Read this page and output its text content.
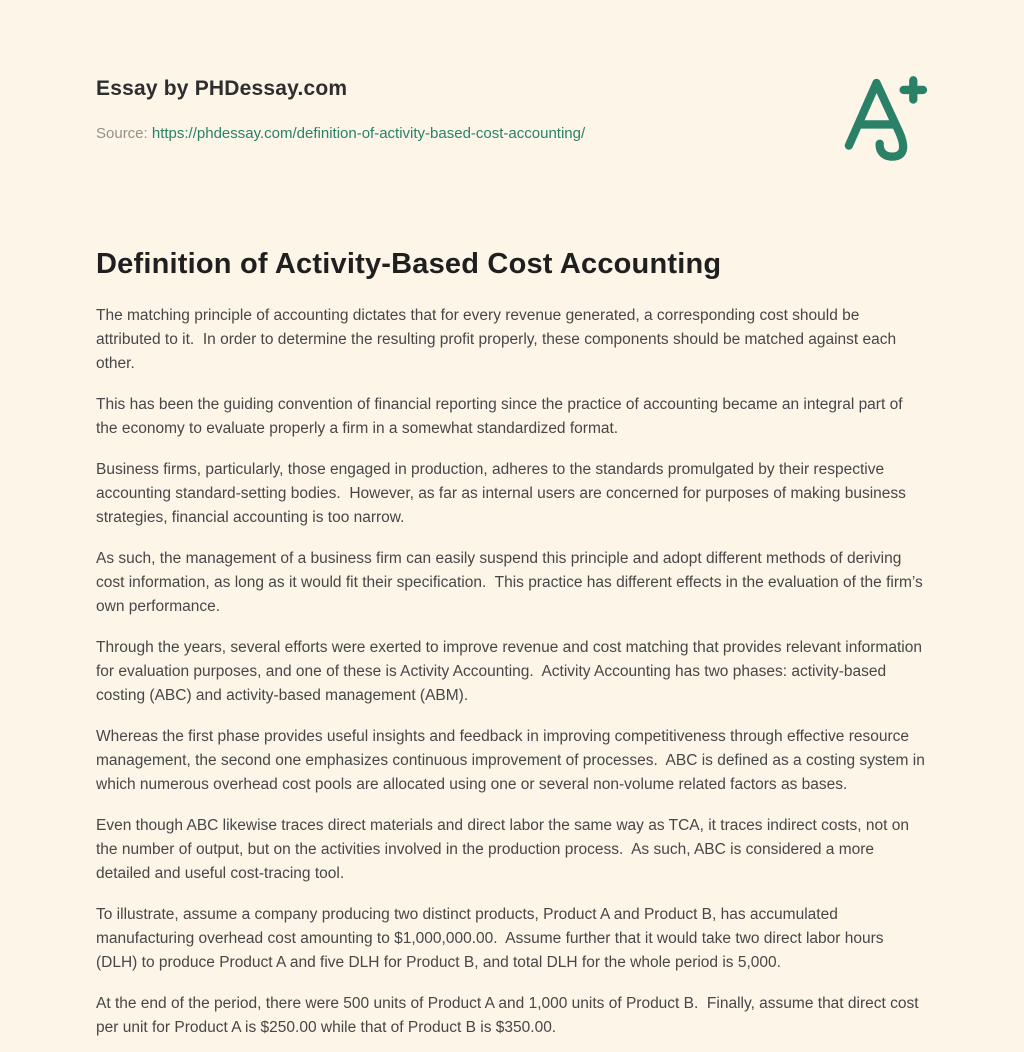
Essay by PHDessay.com
Source: https://phdessay.com/definition-of-activity-based-cost-accounting/
Definition of Activity-Based Cost Accounting

The matching principle of accounting dictates that for every revenue generated, a corresponding cost should be attributed to it.  In order to determine the resulting profit properly, these components should be matched against each other.

This has been the guiding convention of financial reporting since the practice of accounting became an integral part of the economy to evaluate properly a firm in a somewhat standardized format.

Business firms, particularly, those engaged in production, adheres to the standards promulgated by their respective accounting standard-setting bodies.  However, as far as internal users are concerned for purposes of making business strategies, financial accounting is too narrow.

As such, the management of a business firm can easily suspend this principle and adopt different methods of deriving cost information, as long as it would fit their specification.  This practice has different effects in the evaluation of the firm’s own performance.

Through the years, several efforts were exerted to improve revenue and cost matching that provides relevant information for evaluation purposes, and one of these is Activity Accounting.  Activity Accounting has two phases: activity-based costing (ABC) and activity-based management (ABM).

Whereas the first phase provides useful insights and feedback in improving competitiveness through effective resource management, the second one emphasizes continuous improvement of processes.  ABC is defined as a costing system in which numerous overhead cost pools are allocated using one or several non-volume related factors as bases.

Even though ABC likewise traces direct materials and direct labor the same way as TCA, it traces indirect costs, not on the number of output, but on the activities involved in the production process.  As such, ABC is considered a more detailed and useful cost-tracing tool.

To illustrate, assume a company producing two distinct products, Product A and Product B, has accumulated manufacturing overhead cost amounting to $1,000,000.00.  Assume further that it would take two direct labor hours (DLH) to produce Product A and five DLH for Product B, and total DLH for the whole period is 5,000.

At the end of the period, there were 500 units of Product A and 1,000 units of Product B.  Finally, assume that direct cost per unit for Product A is $250.00 while that of Product B is $350.00.
